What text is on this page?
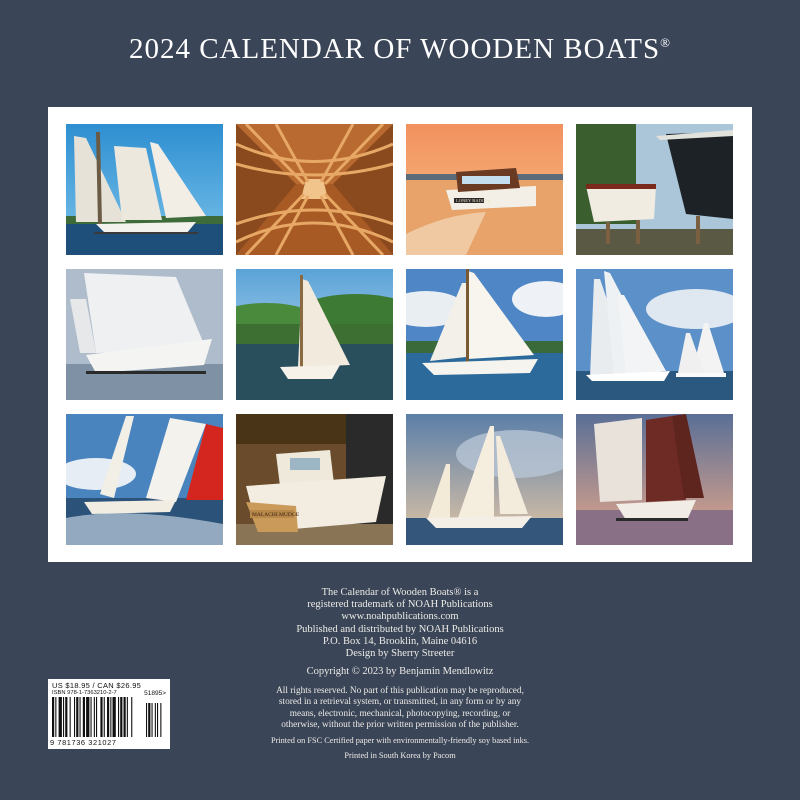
2024 CALENDAR OF WOODEN BOATS®
LONEY BADGER
MALACHI MUDGE
The Calendar of Wooden Boats® is a
registered trademark of NOAH Publications
www.noahpublications.com
Published and distributed by NOAH Publications
P.O. Box 14, Brooklin, Maine 04616
Design by Sherry Streeter
Copyright © 2023 by Benjamin Mendlowitz
All rights reserved. No part of this publication may be reproduced,
stored in a retrieval system, or transmitted, in any form or by any
means, electronic, mechanical, photocopying, recording, or
otherwise, without the prior written permission of the publisher.
Printed on FSC Certified paper with environmentally-friendly soy based inks.
Printed in South Korea by Pacom
US $18.95 / CAN $26.95
ISBN 978-1-7363210-2-7	51895>
9 781736 321027
